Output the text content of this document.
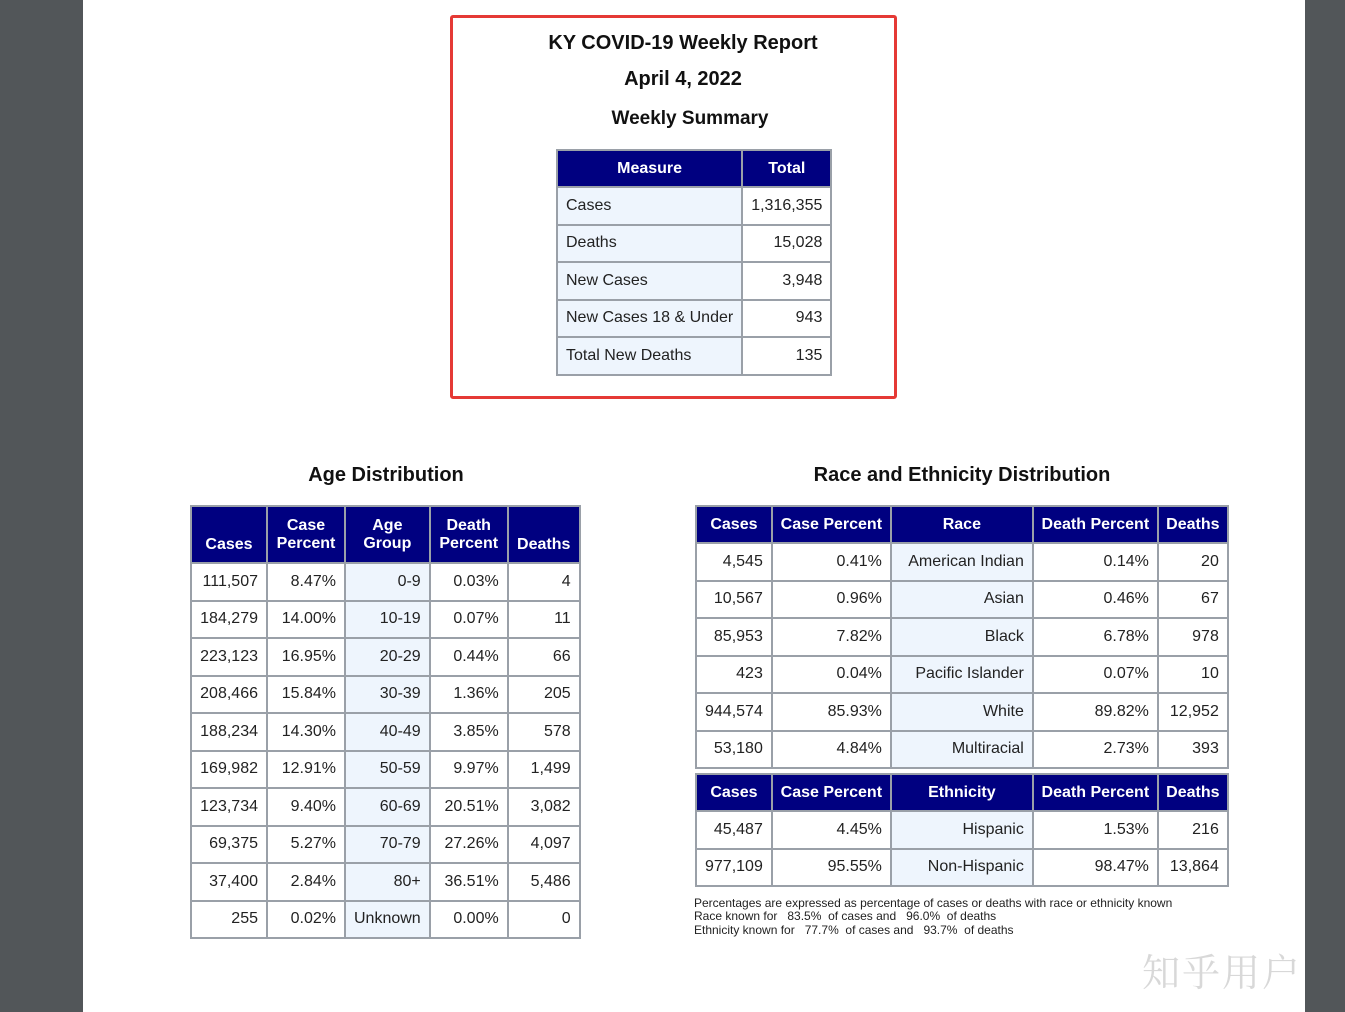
KY COVID-19 Weekly Report
April 4, 2022
Weekly Summary
Measure	Total
Cases	1,316,355
Deaths	15,028
New Cases	3,948
New Cases 18 & Under	943
Total New Deaths	135
Age Distribution
Cases	Case Percent	Age Group	Death Percent	Deaths
111,507	8.47%	0-9	0.03%	4
184,279	14.00%	10-19	0.07%	11
223,123	16.95%	20-29	0.44%	66
208,466	15.84%	30-39	1.36%	205
188,234	14.30%	40-49	3.85%	578
169,982	12.91%	50-59	9.97%	1,499
123,734	9.40%	60-69	20.51%	3,082
69,375	5.27%	70-79	27.26%	4,097
37,400	2.84%	80+	36.51%	5,486
255	0.02%	Unknown	0.00%	0
Race and Ethnicity Distribution
Cases	Case Percent	Race	Death Percent	Deaths
4,545	0.41%	American Indian	0.14%	20
10,567	0.96%	Asian	0.46%	67
85,953	7.82%	Black	6.78%	978
423	0.04%	Pacific Islander	0.07%	10
944,574	85.93%	White	89.82%	12,952
53,180	4.84%	Multiracial	2.73%	393
Cases	Case Percent	Ethnicity	Death Percent	Deaths
45,487	4.45%	Hispanic	1.53%	216
977,109	95.55%	Non-Hispanic	98.47%	13,864
Percentages are expressed as percentage of cases or deaths with race or ethnicity known
Race known for   83.5%  of cases and   96.0%  of deaths
Ethnicity known for   77.7%  of cases and   93.7%  of deaths
知乎用户
